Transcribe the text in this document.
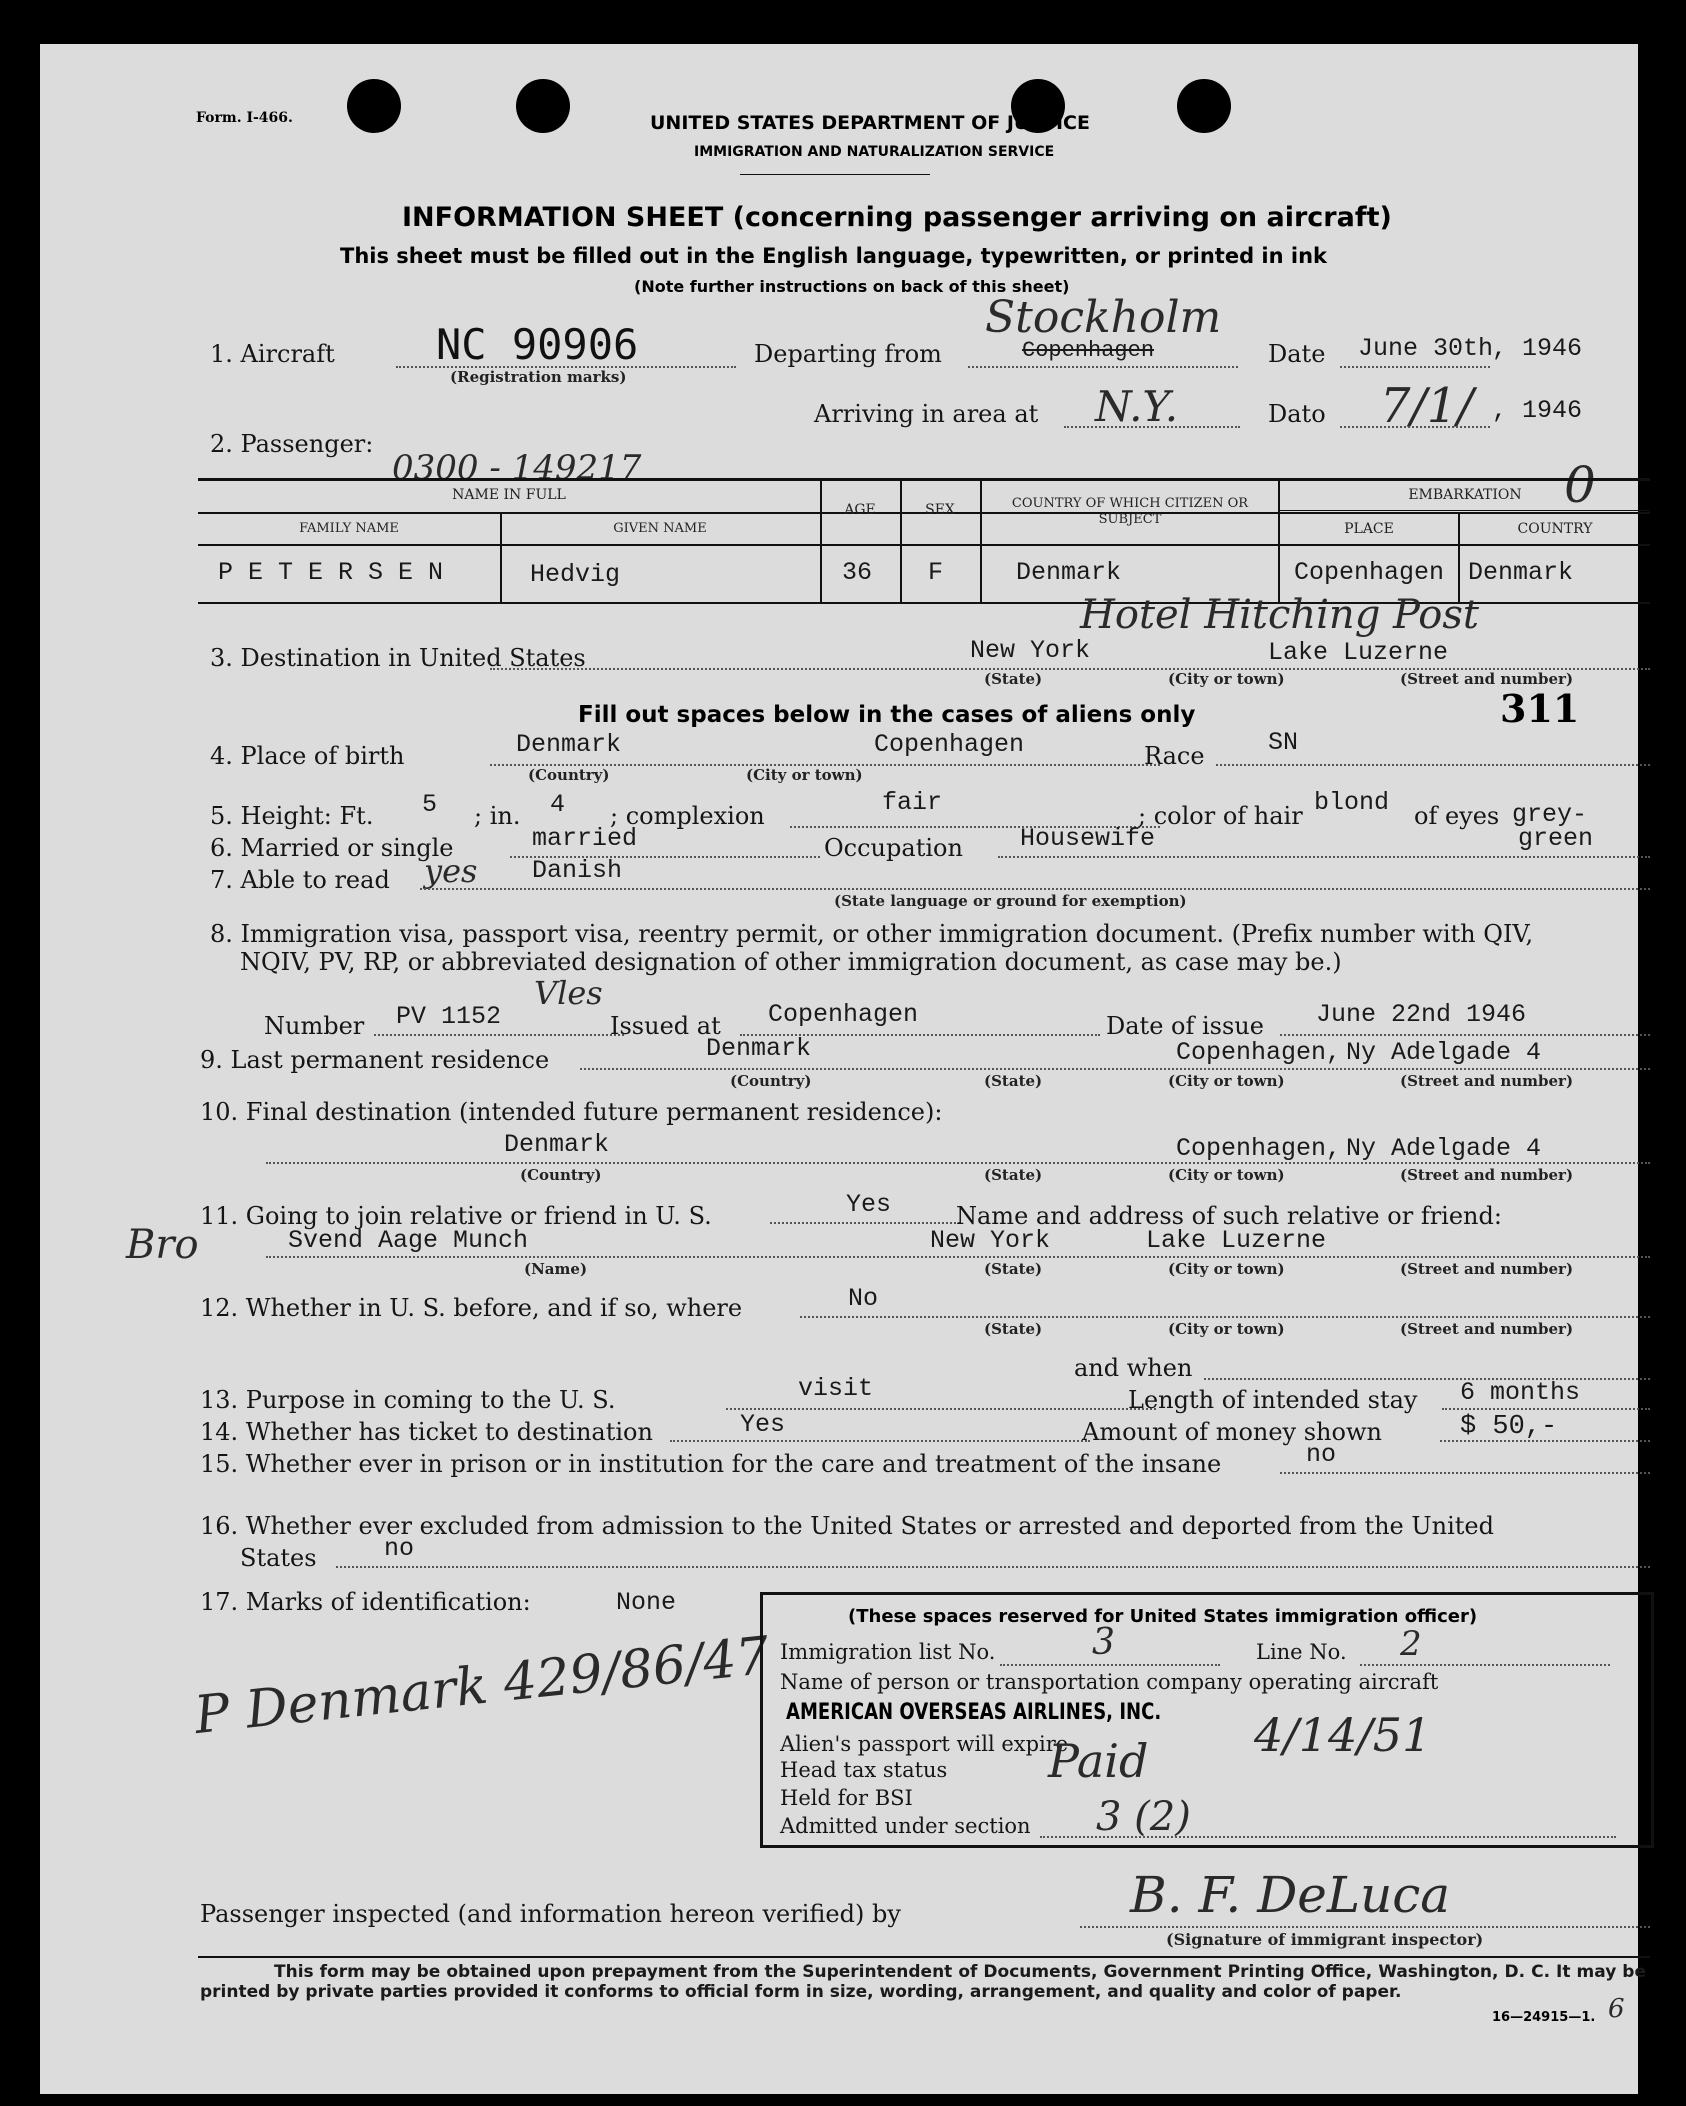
Form. I-466.	UNITED STATES DEPARTMENT OF JUSTICE
IMMIGRATION AND NATURALIZATION SERVICE
INFORMATION SHEET (concerning passenger arriving on aircraft)
This sheet must be filled out in the English language, typewritten, or printed in ink
(Note further instructions on back of this sheet)
1. Aircraft NC 90906
(Registration marks)
Departing from	Copenhagen
Stockholm
Date June 30th
, 1946
Arriving in area at N.Y.	Dato 7/1/ , 1946
2. Passenger:
0300 - 149217	0
NAME IN FULL
FAMILY NAME	GIVEN NAME
AGE	SEX	COUNTRY OF WHICH CITIZEN OR SUBJECT
EMBARKATION
PLACE	COUNTRY
P E T E R S E N	Hedvig	36 F	Denmark	Copenhagen Denmark
3. Destination in United States
Hotel Hitching Post
New York	Lake Luzerne
(State)	(City or town)	(Street and number)
Fill out spaces below in the cases of aliens only	311
4. Place of birth	Denmark	Copenhagen	Race	SN
(Country)	(City or town)
5. Height: Ft. 5 ; in. 4 ; complexion	fair	; color of hair blond of eyes grey-
green
6. Married or single	married	Occupation Housewife
7. Able to read yes Danish
(State language or ground for exemption)
8. Immigration visa, passport visa, reentry permit, or other immigration document. (Prefix number with QIV,
NQIV, PV, RP, or abbreviated designation of other immigration document, as case may be.)
Number PV 1152
Vles
Issued at Copenhagen	Date of issue June 22nd 1946
9. Last permanent residence	Denmark	Copenhagen, Ny Adelgade 4
(Country)	(State)	(City or town)	(Street and number)
10. Final destination (intended future permanent residence):
Denmark	Copenhagen, Ny Adelgade 4
(Country)	(State)	(City or town)	(Street and number)
Bro
11. Going to join relative or friend in U. S.	Yes	Name and address of such relative or friend:
Svend Aage Munch	New York	Lake Luzerne
(Name)	(State)	(City or town)	(Street and number)
12. Whether in U. S. before, and if so, where	No
(State)	(City or town)	(Street and number)
and when
13. Purpose in coming to the U. S.	visit	Length of intended stay 6 months
14. Whether has ticket to destination	Yes	Amount of money shown	$ 50,-
15. Whether ever in prison or in institution for the care and treatment of the insane	no
16. Whether ever excluded from admission to the United States or arrested and deported from the United
States	no
17. Marks of identification:	None
P Denmark 429/86/47
(These spaces reserved for United States immigration officer)
Immigration list No.	3	Line No. 2
Name of person or transportation company operating aircraft
AMERICAN OVERSEAS AIRLINES, INC.
Alien's passport will expire	4/14/51
Head tax status Paid
Held for BSI
Admitted under section 3 (2)
Passenger inspected (and information hereon verified) by	B. F. DeLuca
(Signature of immigrant inspector)
This form may be obtained upon prepayment from the Superintendent of Documents, Government Printing Office, Washington, D. C. It may be printed by private parties provided it conforms to official form in size, wording, arrangement, and quality and color of paper.
16—24915—1. 6
